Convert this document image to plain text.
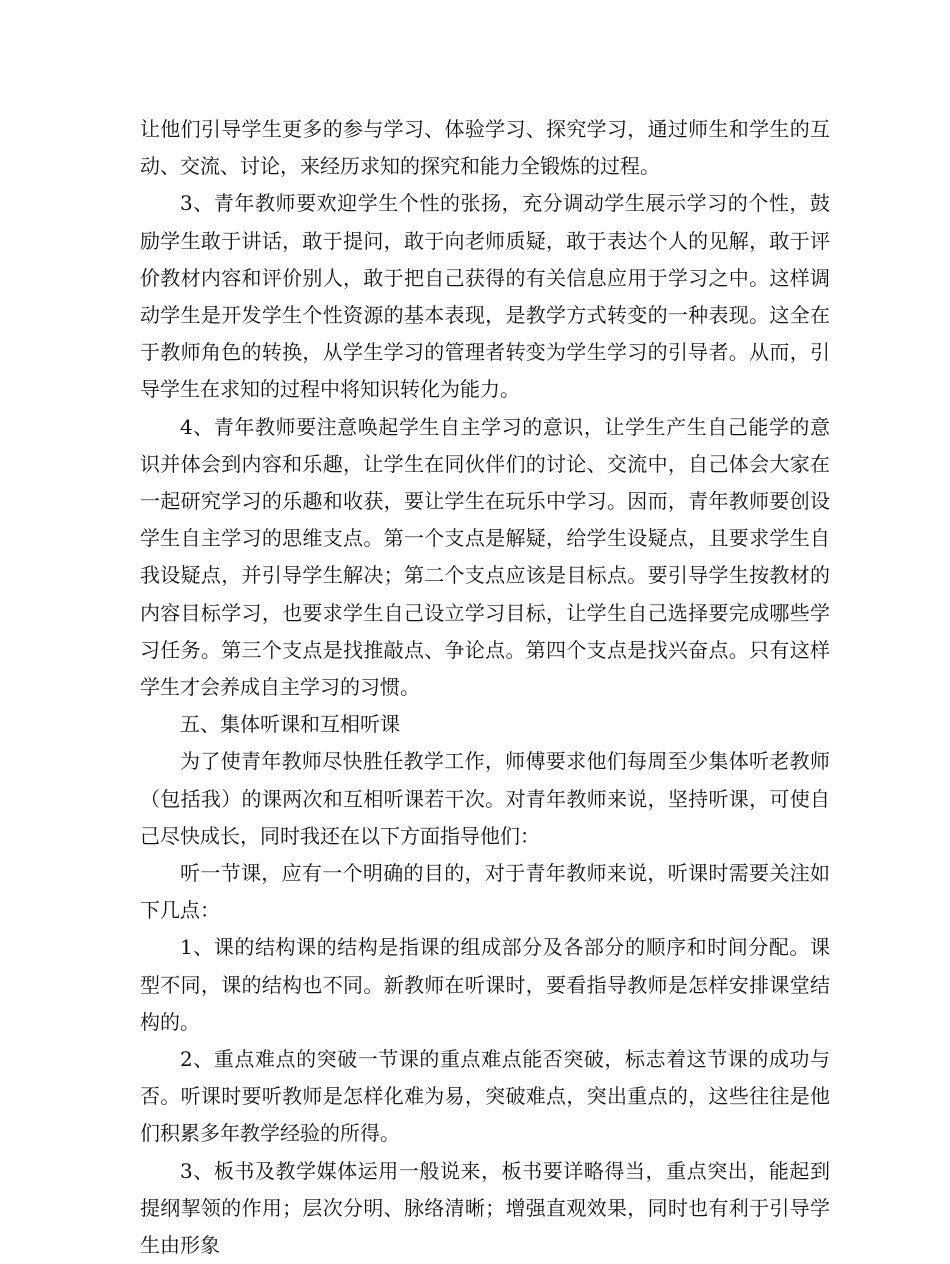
让他们引导学生更多的参与学习、体验学习、探究学习，通过师生和学生的互动、交流、讨论，来经历求知的探究和能力全锻炼的过程。

3、青年教师要欢迎学生个性的张扬，充分调动学生展示学习的个性，鼓励学生敢于讲话，敢于提问，敢于向老师质疑，敢于表达个人的见解，敢于评价教材内容和评价别人，敢于把自己获得的有关信息应用于学习之中。这样调动学生是开发学生个性资源的基本表现，是教学方式转变的一种表现。这全在于教师角色的转换，从学生学习的管理者转变为学生学习的引导者。从而，引导学生在求知的过程中将知识转化为能力。

4、青年教师要注意唤起学生自主学习的意识，让学生产生自己能学的意识并体会到内容和乐趣，让学生在同伙伴们的讨论、交流中，自己体会大家在一起研究学习的乐趣和收获，要让学生在玩乐中学习。因而，青年教师要创设学生自主学习的思维支点。第一个支点是解疑，给学生设疑点，且要求学生自我设疑点，并引导学生解决；第二个支点应该是目标点。要引导学生按教材的内容目标学习，也要求学生自己设立学习目标，让学生自己选择要完成哪些学习任务。第三个支点是找推敲点、争论点。第四个支点是找兴奋点。只有这样学生才会养成自主学习的习惯。

五、集体听课和互相听课

为了使青年教师尽快胜任教学工作，师傅要求他们每周至少集体听老教师（包括我）的课两次和互相听课若干次。对青年教师来说，坚持听课，可使自己尽快成长，同时我还在以下方面指导他们：

听一节课，应有一个明确的目的，对于青年教师来说，听课时需要关注如下几点：

1、课的结构课的结构是指课的组成部分及各部分的顺序和时间分配。课型不同，课的结构也不同。新教师在听课时，要看指导教师是怎样安排课堂结构的。

2、重点难点的突破一节课的重点难点能否突破，标志着这节课的成功与否。听课时要听教师是怎样化难为易，突破难点，突出重点的，这些往往是他们积累多年教学经验的所得。

3、板书及教学媒体运用一般说来，板书要详略得当，重点突出，能起到提纲挈领的作用；层次分明、脉络清晰；增强直观效果，同时也有利于引导学生由形象
